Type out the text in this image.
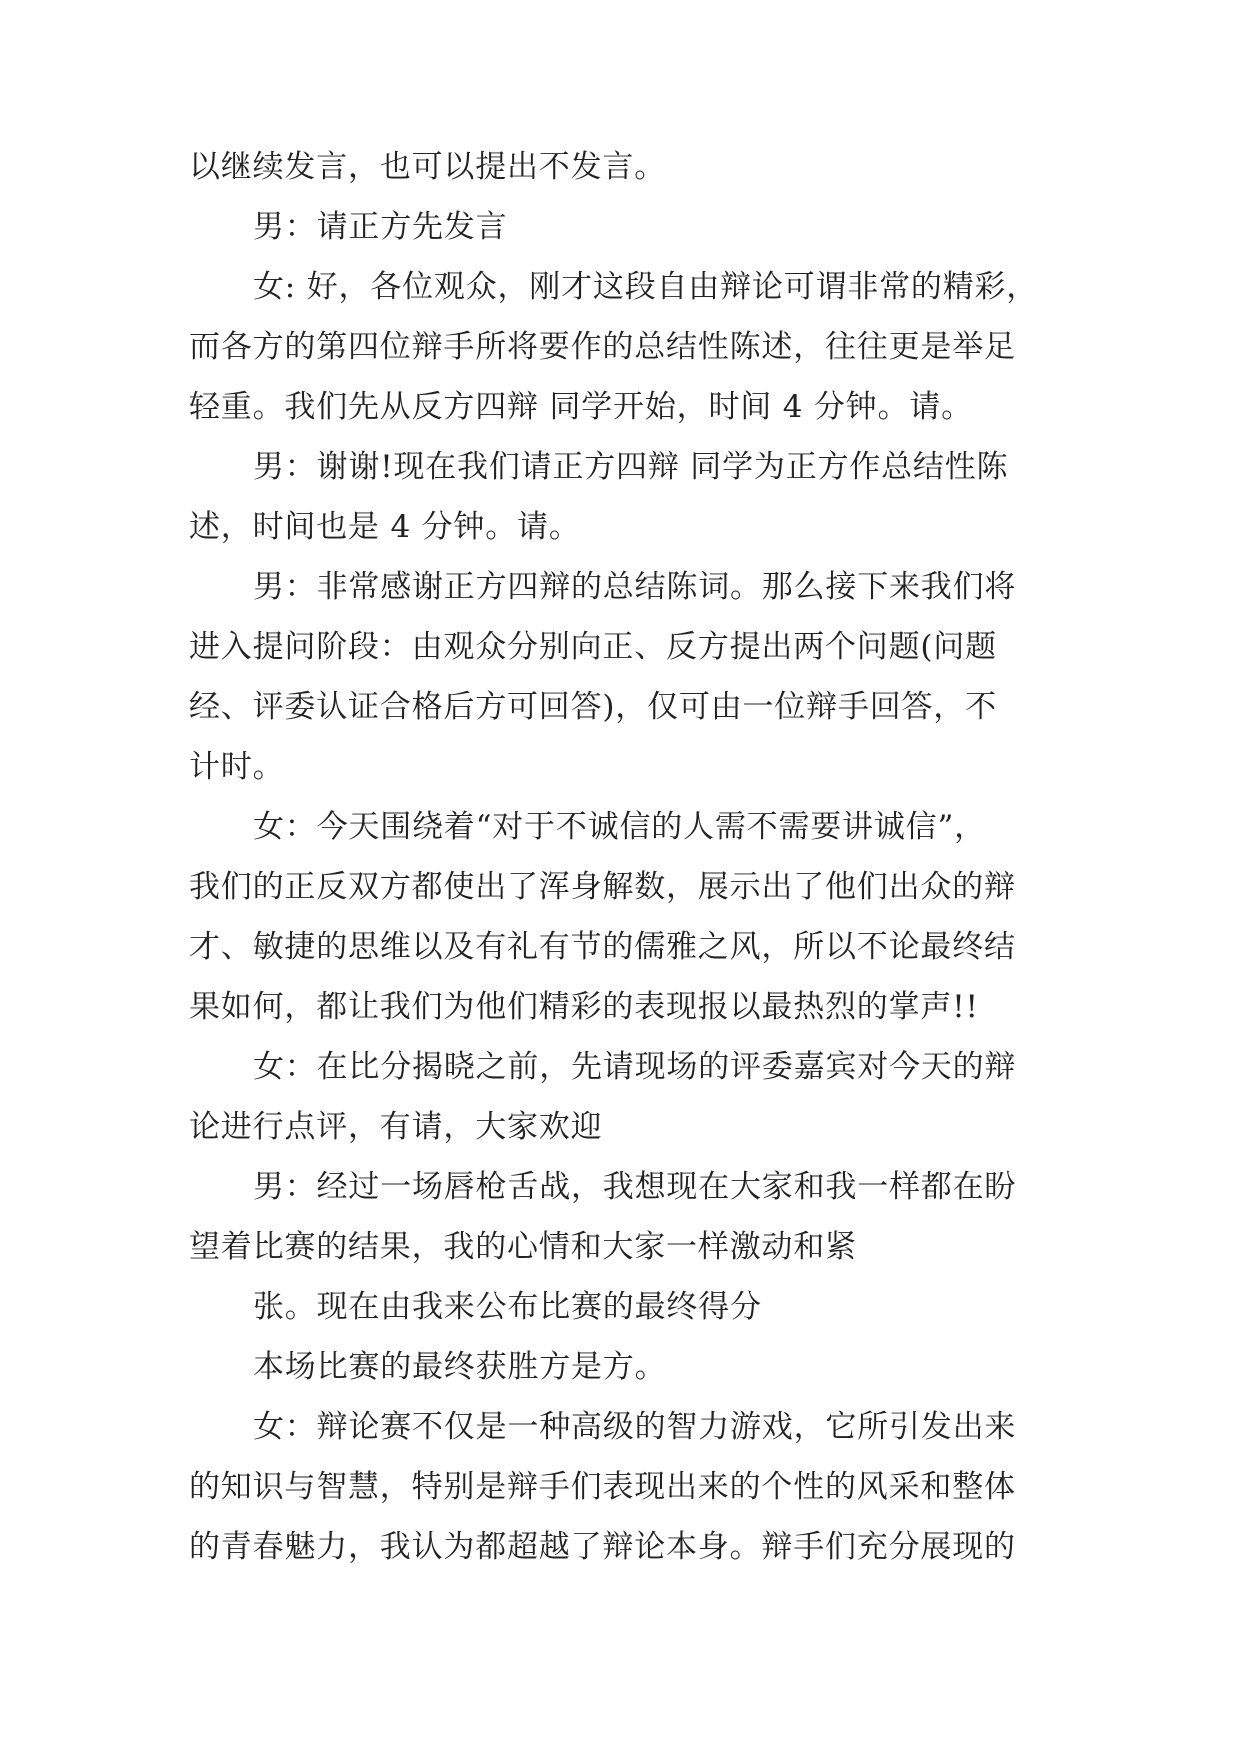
以继续发言，也可以提出不发言。
男：请正方先发言
女: 好，各位观众，刚才这段自由辩论可谓非常的精彩，
而各方的第四位辩手所将要作的总结性陈述，往往更是举足
轻重。我们先从反方四辩 同学开始，时间 4 分钟。请。
男：谢谢!现在我们请正方四辩 同学为正方作总结性陈
述，时间也是 4 分钟。请。
男：非常感谢正方四辩的总结陈词。那么接下来我们将
进入提问阶段：由观众分别向正、反方提出两个问题(问题
经、评委认证合格后方可回答)，仅可由一位辩手回答，不
计时。
女：今天围绕着“对于不诚信的人需不需要讲诚信”，
我们的正反双方都使出了浑身解数，展示出了他们出众的辩
才、敏捷的思维以及有礼有节的儒雅之风，所以不论最终结
果如何，都让我们为他们精彩的表现报以最热烈的掌声!!
女：在比分揭晓之前，先请现场的评委嘉宾对今天的辩
论进行点评，有请，大家欢迎
男：经过一场唇枪舌战，我想现在大家和我一样都在盼
望着比赛的结果，我的心情和大家一样激动和紧
张。现在由我来公布比赛的最终得分
本场比赛的最终获胜方是方。
女：辩论赛不仅是一种高级的智力游戏，它所引发出来
的知识与智慧，特别是辩手们表现出来的个性的风采和整体
的青春魅力，我认为都超越了辩论本身。辩手们充分展现的
